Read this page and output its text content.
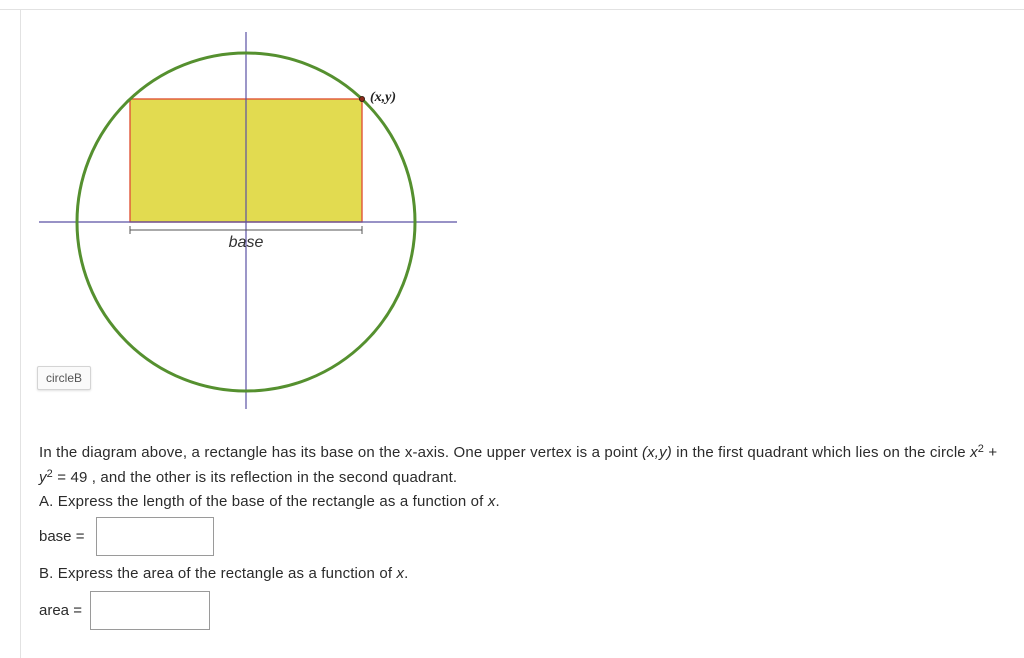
base
(x,y)
circleB

In the diagram above, a rectangle has its base on the x-axis. One upper vertex is a point (x,y) in the first quadrant which lies on the circle $x^2 + y^2 = 49$ , and the other is its reflection in the second quadrant.

A. Express the length of the base of the rectangle as a function of x.

base =
B. Express the area of the rectangle as a function of x.
area =
